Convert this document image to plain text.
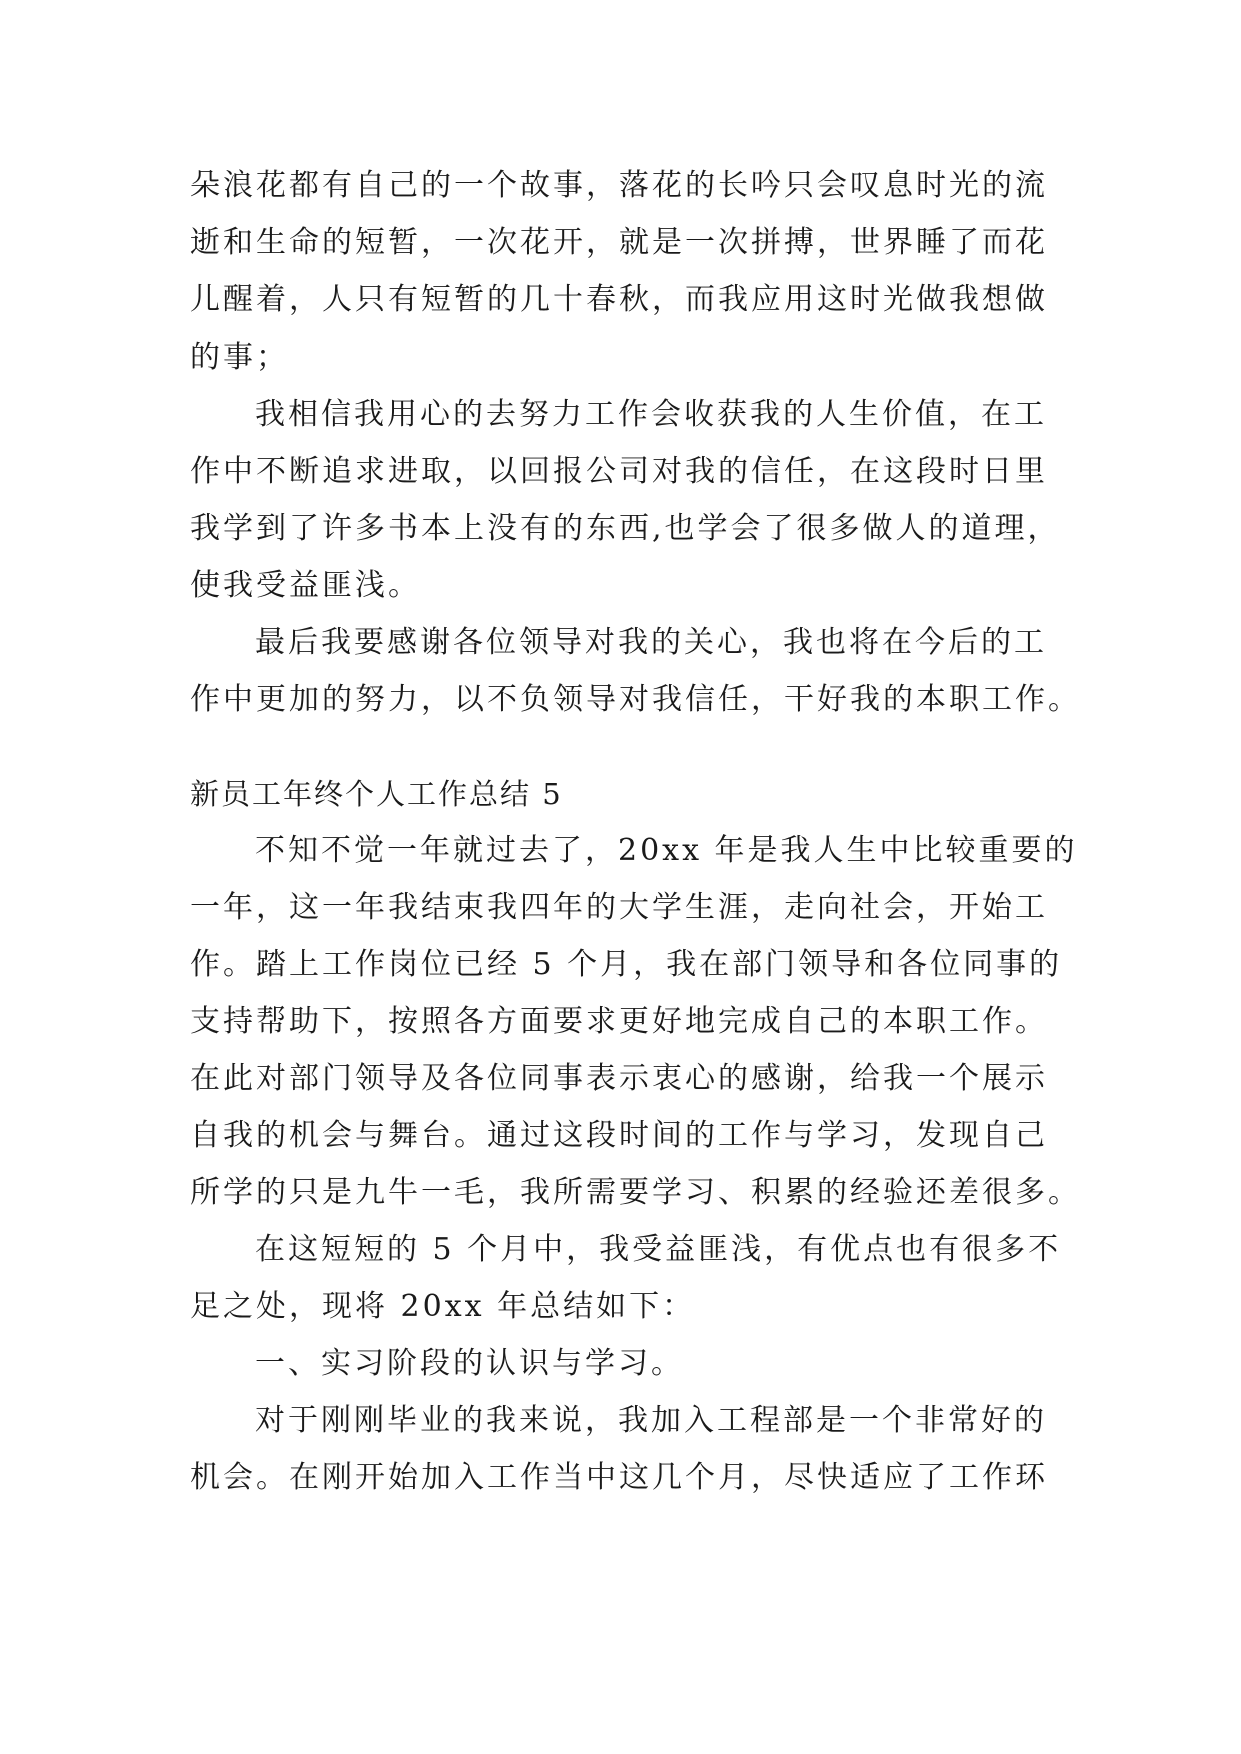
朵浪花都有自己的一个故事，落花的长吟只会叹息时光的流
逝和生命的短暂，一次花开，就是一次拼搏，世界睡了而花
儿醒着，人只有短暂的几十春秋，而我应用这时光做我想做
的事；
我相信我用心的去努力工作会收获我的人生价值，在工
作中不断追求进取，以回报公司对我的信任，在这段时日里
我学到了许多书本上没有的东西,也学会了很多做人的道理，
使我受益匪浅。
最后我要感谢各位领导对我的关心，我也将在今后的工
作中更加的努力，以不负领导对我信任，干好我的本职工作。
新员工年终个人工作总结 5
不知不觉一年就过去了，20xx 年是我人生中比较重要的
一年，这一年我结束我四年的大学生涯，走向社会，开始工
作。踏上工作岗位已经 5 个月，我在部门领导和各位同事的
支持帮助下，按照各方面要求更好地完成自己的本职工作。
在此对部门领导及各位同事表示衷心的感谢，给我一个展示
自我的机会与舞台。通过这段时间的工作与学习，发现自己
所学的只是九牛一毛，我所需要学习、积累的经验还差很多。
在这短短的 5 个月中，我受益匪浅，有优点也有很多不
足之处，现将 20xx 年总结如下：
一、实习阶段的认识与学习。
对于刚刚毕业的我来说，我加入工程部是一个非常好的
机会。在刚开始加入工作当中这几个月，尽快适应了工作环
